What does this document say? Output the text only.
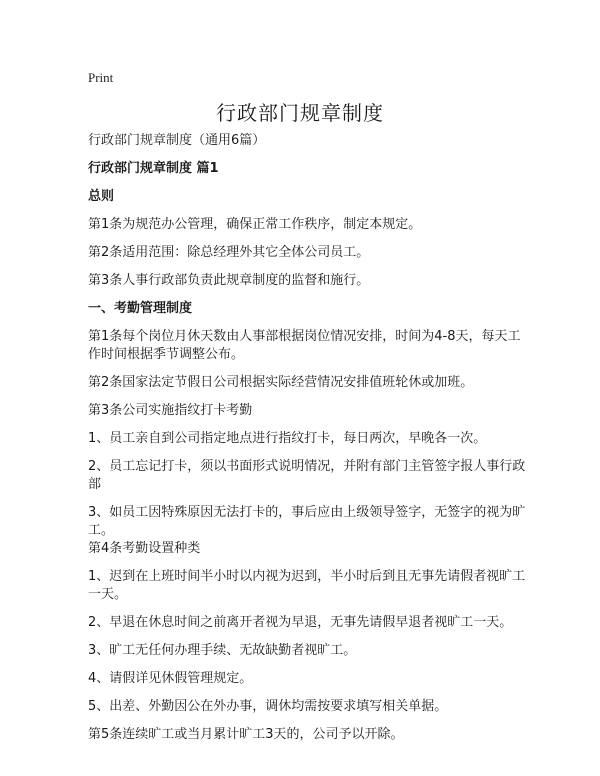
Print
行政部门规章制度

行政部门规章制度（通用6篇）

行政部门规章制度 篇1

总则

第1条为规范办公管理，确保正常工作秩序，制定本规定。

第2条适用范围：除总经理外其它全体公司员工。

第3条人事行政部负责此规章制度的监督和施行。

一、考勤管理制度

第1条每个岗位月休天数由人事部根据岗位情况安排，时间为4-8天，每天工作时间根据季节调整公布。

第2条国家法定节假日公司根据实际经营情况安排值班轮休或加班。

第3条公司实施指纹打卡考勤

1、员工亲自到公司指定地点进行指纹打卡，每日两次，早晚各一次。

2、员工忘记打卡，须以书面形式说明情况，并附有部门主管签字报人事行政部

3、如员工因特殊原因无法打卡的，事后应由上级领导签字，无签字的视为旷工。

第4条考勤设置种类

1、迟到在上班时间半小时以内视为迟到，半小时后到且无事先请假者视旷工一天。

2、早退在休息时间之前离开者视为早退，无事先请假早退者视旷工一天。

3、旷工无任何办理手续、无故缺勤者视旷工。

4、请假详见休假管理规定。

5、出差、外勤因公在外办事，调休均需按要求填写相关单据。

第5条连续旷工或当月累计旷工3天的，公司予以开除。
